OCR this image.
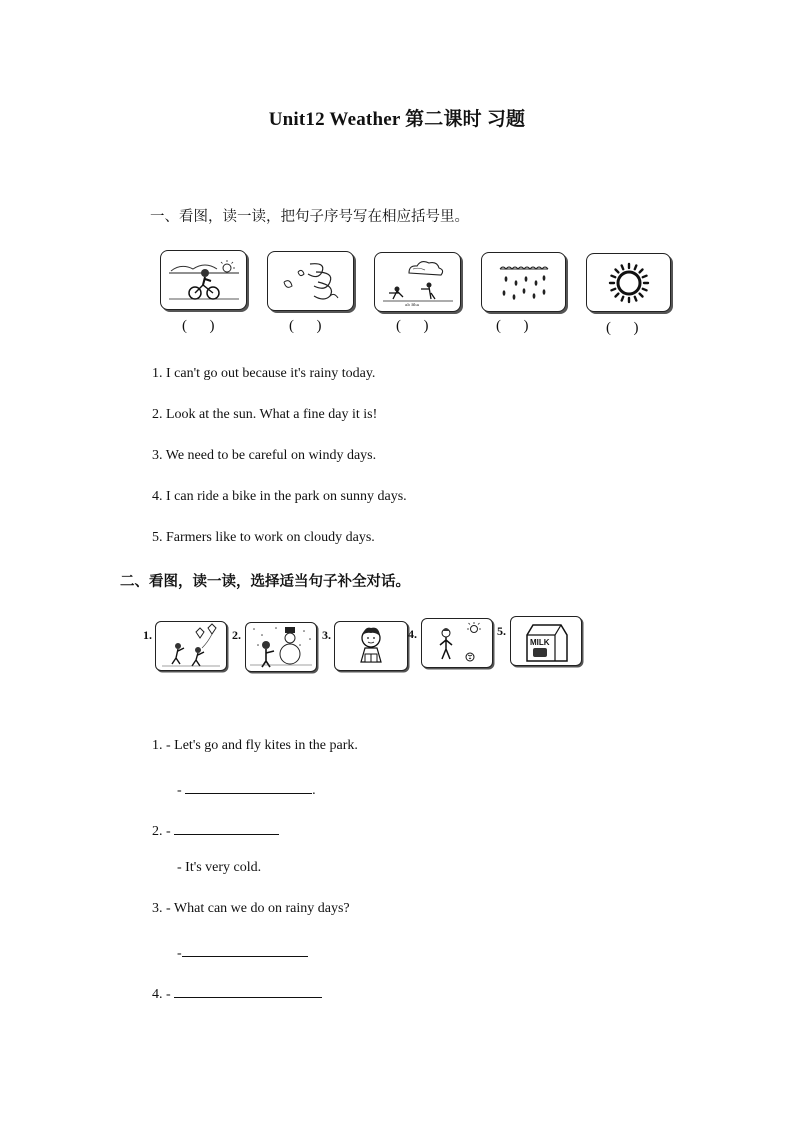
Unit12 Weather 第二课时 习题
一、看图，读一读，把句子序号写在相应括号里。
ab Bha
(      )	(      )	(      )	(      )	(      )
1. I can't go out because it's rainy today.
2. Look at the sun. What a fine day it is!
3. We need to be careful on windy days.
4. I can ride a bike in the park on sunny days.
5. Farmers like to work on cloudy days.
二、看图，读一读，选择适当句子补全对话。
1.	2.	3.	4.	5.
MILK
1. - Let's go and fly kites in the park.
-	.
2. -
- It's very cold.
3. - What can we do on rainy days?
-
4. -
